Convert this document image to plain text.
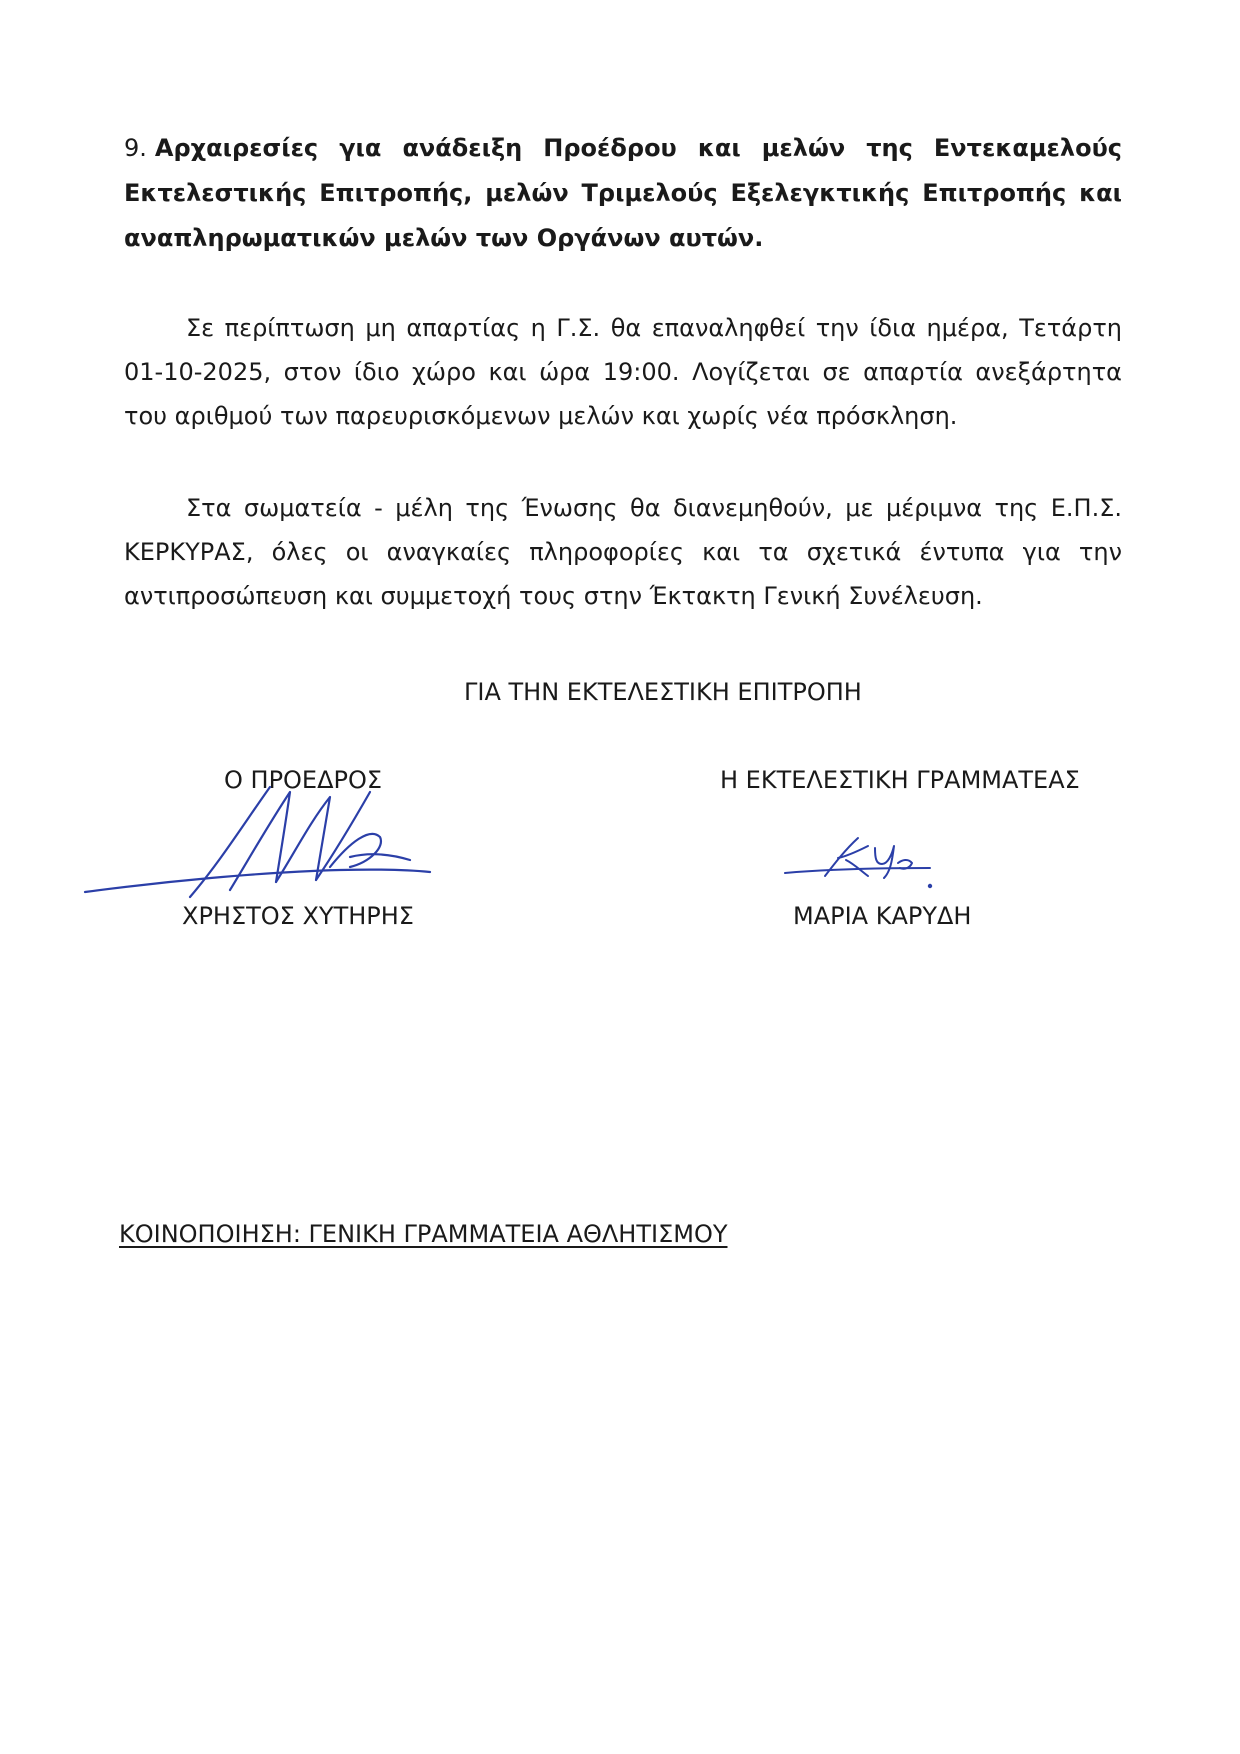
9. Αρχαιρεσίες για ανάδειξη Προέδρου και μελών της Εντεκαμελούς Εκτελεστικής Επιτροπής, μελών Τριμελούς Εξελεγκτικής Επιτροπής και αναπληρωματικών μελών των Οργάνων αυτών.
Σε περίπτωση μη απαρτίας η Γ.Σ. θα επαναληφθεί την ίδια ημέρα, Τετάρτη 01-10-2025, στον ίδιο χώρο και ώρα 19:00. Λογίζεται σε απαρτία ανεξάρτητα του αριθμού των παρευρισκόμενων μελών και χωρίς νέα πρόσκληση.
Στα σωματεία - μέλη της Ένωσης θα διανεμηθούν, με μέριμνα της Ε.Π.Σ. ΚΕΡΚΥΡΑΣ, όλες οι αναγκαίες πληροφορίες και τα σχετικά έντυπα για την αντιπροσώπευση και συμμετοχή τους στην Έκτακτη Γενική Συνέλευση.
ΓΙΑ ΤΗΝ ΕΚΤΕΛΕΣΤΙΚΗ ΕΠΙΤΡΟΠΗ
Ο ΠΡΟΕΔΡΟΣ	Η ΕΚΤΕΛΕΣΤΙΚΗ ΓΡΑΜΜΑΤΕΑΣ
ΧΡΗΣΤΟΣ ΧΥΤΗΡΗΣ	ΜΑΡΙΑ ΚΑΡΥΔΗ
ΚΟΙΝΟΠΟΙΗΣΗ: ΓΕΝΙΚΗ ΓΡΑΜΜΑΤΕΙΑ ΑΘΛΗΤΙΣΜΟΥ
